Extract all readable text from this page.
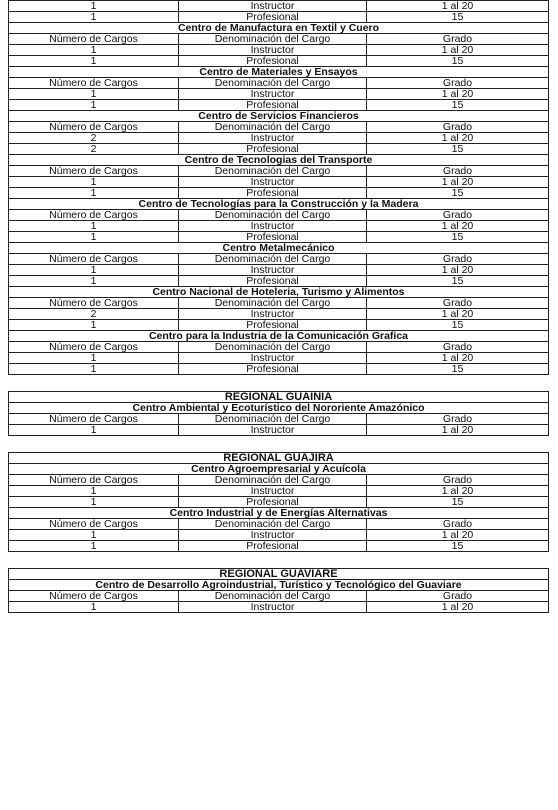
1	Instructor	1 al 20
1	Profesional	15
Centro de Manufactura en Textil y Cuero		
Número de Cargos	Denominación del Cargo	Grado
1	Instructor	1 al 20
1	Profesional	15
Centro de Materiales y Ensayos		
Número de Cargos	Denominación del Cargo	Grado
1	Instructor	1 al 20
1	Profesional	15
Centro de Servicios Financieros		
Número de Cargos	Denominación del Cargo	Grado
2	Instructor	1 al 20
2	Profesional	15
Centro de Tecnologias del Transporte		
Número de Cargos	Denominación del Cargo	Grado
1	Instructor	1 al 20
1	Profesional	15
Centro de Tecnologías para la Construcción y la Madera		
Número de Cargos	Denominación del Cargo	Grado
1	Instructor	1 al 20
1	Profesional	15
Centro Metalmecánico		
Número de Cargos	Denominación del Cargo	Grado
1	Instructor	1 al 20
1	Profesional	15
Centro Nacional de Hoteleria, Turismo y Alimentos		
Número de Cargos	Denominación del Cargo	Grado
2	Instructor	1 al 20
1	Profesional	15
Centro para la Industria de la Comunicación Grafica		
Número de Cargos	Denominación del Cargo	Grado
1	Instructor	1 al 20
1	Profesional	15
REGIONAL GUAINIA		
Centro Ambiental y Ecoturístico del Nororiente Amazónico		
Número de Cargos	Denominación del Cargo	Grado
1	Instructor	1 al 20
REGIONAL GUAJIRA		
Centro Agroempresarial y Acuícola		
Número de Cargos	Denominación del Cargo	Grado
1	Instructor	1 al 20
1	Profesional	15
Centro Industrial y de Energías Alternativas		
Número de Cargos	Denominación del Cargo	Grado
1	Instructor	1 al 20
1	Profesional	15
REGIONAL GUAVIARE		
Centro de Desarrollo Agroindustrial, Turístico y Tecnológico del Guaviare		
Número de Cargos	Denominación del Cargo	Grado
1	Instructor	1 al 20
